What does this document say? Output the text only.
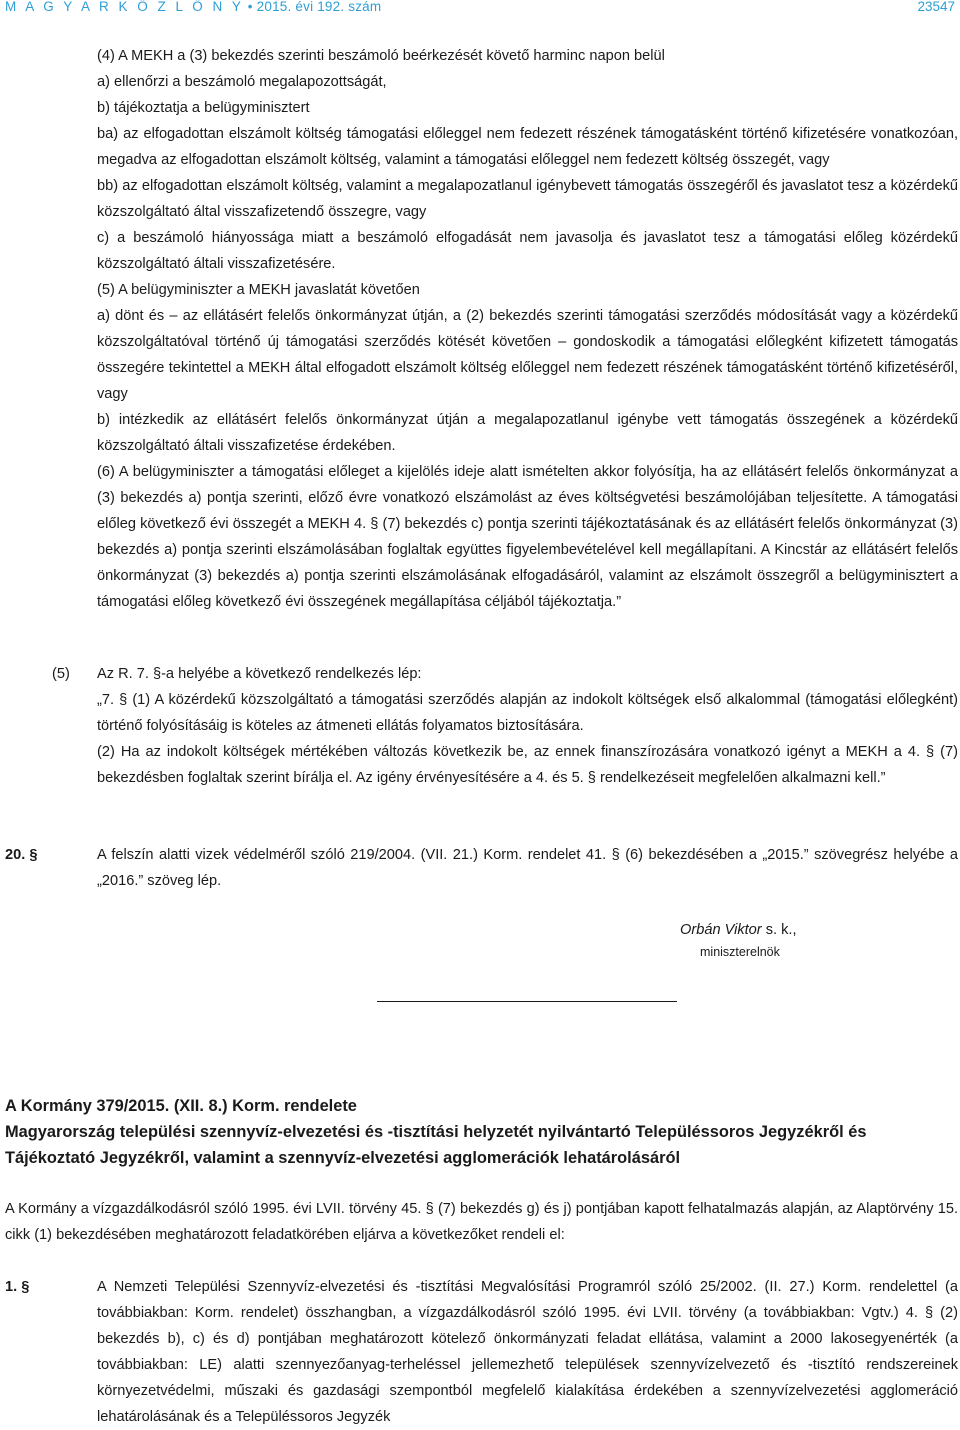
M A G Y A R K Ö Z L Ö N Y • 2015. évi 192. szám	23547

(4) A MEKH a (3) bekezdés szerinti beszámoló beérkezését követő harminc napon belül

a) ellenőrzi a beszámoló megalapozottságát,

b) tájékoztatja a belügyminisztert

ba) az elfogadottan elszámolt költség támogatási előleggel nem fedezett részének támogatásként történő kifizetésére vonatkozóan, megadva az elfogadottan elszámolt költség, valamint a támogatási előleggel nem fedezett költség összegét, vagy

bb) az elfogadottan elszámolt költség, valamint a megalapozatlanul igénybevett támogatás összegéről és javaslatot tesz a közérdekű közszolgáltató által visszafizetendő összegre, vagy

c) a beszámoló hiányossága miatt a beszámoló elfogadását nem javasolja és javaslatot tesz a támogatási előleg közérdekű közszolgáltató általi visszafizetésére.

(5) A belügyminiszter a MEKH javaslatát követően

a) dönt és – az ellátásért felelős önkormányzat útján, a (2) bekezdés szerinti támogatási szerződés módosítását vagy a közérdekű közszolgáltatóval történő új támogatási szerződés kötését követően – gondoskodik a támogatási előlegként kifizetett támogatás összegére tekintettel a MEKH által elfogadott elszámolt költség előleggel nem fedezett részének támogatásként történő kifizetéséről, vagy

b) intézkedik az ellátásért felelős önkormányzat útján a megalapozatlanul igénybe vett támogatás összegének a közérdekű közszolgáltató általi visszafizetése érdekében.

(6) A belügyminiszter a támogatási előleget a kijelölés ideje alatt ismételten akkor folyósítja, ha az ellátásért felelős önkormányzat a (3) bekezdés a) pontja szerinti, előző évre vonatkozó elszámolást az éves költségvetési beszámolójában teljesítette. A támogatási előleg következő évi összegét a MEKH 4. § (7) bekezdés c) pontja szerinti tájékoztatásának és az ellátásért felelős önkormányzat (3) bekezdés a) pontja szerinti elszámolásában foglaltak együttes figyelembevételével kell megállapítani. A Kincstár az ellátásért felelős önkormányzat (3) bekezdés a) pontja szerinti elszámolásának elfogadásáról, valamint az elszámolt összegről a belügyminisztert a támogatási előleg következő évi összegének megállapítása céljából tájékoztatja.”

(5) Az R. 7. §-a helyébe a következő rendelkezés lép:

„7. § (1) A közérdekű közszolgáltató a támogatási szerződés alapján az indokolt költségek első alkalommal (támogatási előlegként) történő folyósításáig is köteles az átmeneti ellátás folyamatos biztosítására.

(2) Ha az indokolt költségek mértékében változás következik be, az ennek finanszírozására vonatkozó igényt a MEKH a 4. § (7) bekezdésben foglaltak szerint bírálja el. Az igény érvényesítésére a 4. és 5. § rendelkezéseit megfelelően alkalmazni kell.”

20. §	A felszín alatti vizek védelméről szóló 219/2004. (VII. 21.) Korm. rendelet 41. § (6) bekezdésében a „2015.” szövegrész helyébe a „2016.” szöveg lép.
Orbán Viktor s. k.,
miniszterelnök
A Kormány 379/2015. (XII. 8.) Korm. rendelete
Magyarország települési szennyvíz-elvezetési és -tisztítási helyzetét nyilvántartó Településsoros Jegyzékről és Tájékoztató Jegyzékről, valamint a szennyvíz-elvezetési agglomerációk lehatárolásáról
A Kormány a vízgazdálkodásról szóló 1995. évi LVII. törvény 45. § (7) bekezdés g) és j) pontjában kapott felhatalmazás alapján, az Alaptörvény 15. cikk (1) bekezdésében meghatározott feladatkörében eljárva a következőket rendeli el:
1. §	A Nemzeti Települési Szennyvíz-elvezetési és -tisztítási Megvalósítási Programról szóló 25/2002. (II. 27.) Korm. rendelettel (a továbbiakban: Korm. rendelet) összhangban, a vízgazdálkodásról szóló 1995. évi LVII. törvény (a továbbiakban: Vgtv.) 4. § (2) bekezdés b), c) és d) pontjában meghatározott kötelező önkormányzati feladat ellátása, valamint a 2000 lakosegyenérték (a továbbiakban: LE) alatti szennyezőanyag-terheléssel jellemezhető települések szennyvízelvezető és -tisztító rendszereinek környezetvédelmi, műszaki és gazdasági szempontból megfelelő kialakítása érdekében a szennyvízelvezetési agglomeráció lehatárolásának és a Településsoros Jegyzék
